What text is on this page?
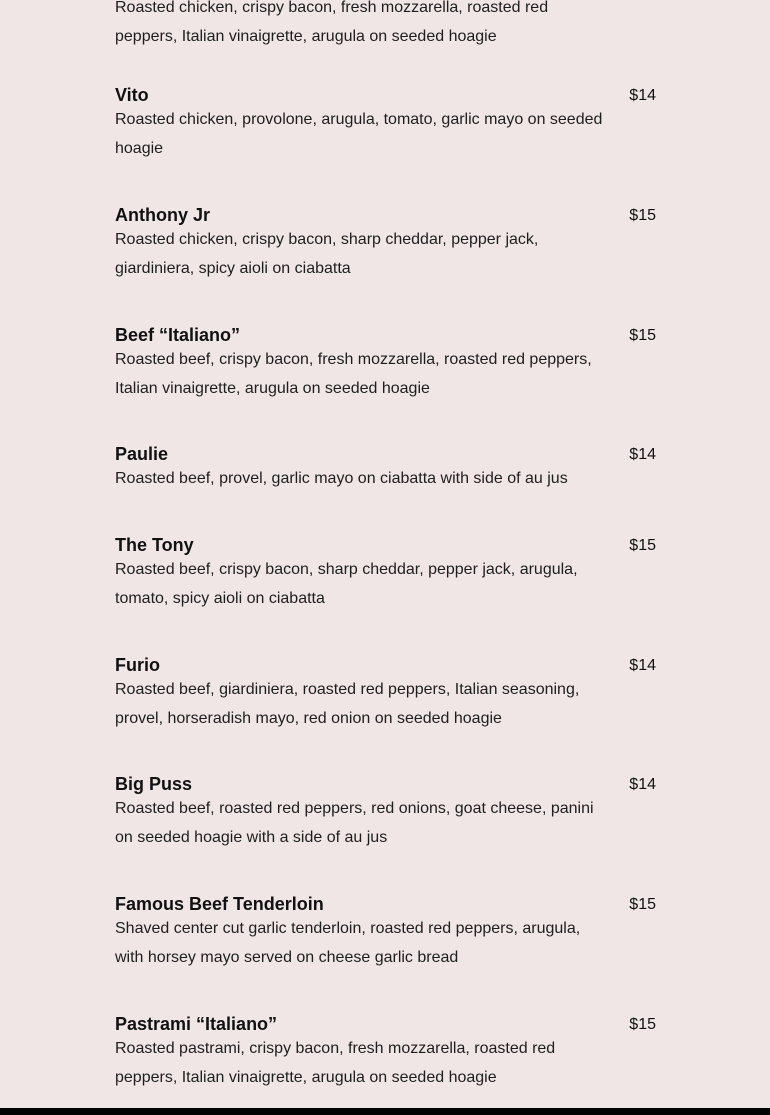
Roasted chicken, crispy bacon, fresh mozzarella, roasted red peppers, Italian vinaigrette, arugula on seeded hoagie
Vito	$14
Roasted chicken, provolone, arugula, tomato, garlic mayo on seeded hoagie
Anthony Jr	$15
Roasted chicken, crispy bacon, sharp cheddar, pepper jack, giardiniera, spicy aioli on ciabatta
Beef “Italiano”	$15
Roasted beef, crispy bacon, fresh mozzarella, roasted red peppers, Italian vinaigrette, arugula on seeded hoagie
Paulie	$14
Roasted beef, provel, garlic mayo on ciabatta with side of au jus
The Tony	$15
Roasted beef, crispy bacon, sharp cheddar, pepper jack, arugula, tomato, spicy aioli on ciabatta
Furio	$14
Roasted beef, giardiniera, roasted red peppers, Italian seasoning, provel, horseradish mayo, red onion on seeded hoagie
Big Puss	$14
Roasted beef, roasted red peppers, red onions, goat cheese, panini on seeded hoagie with a side of au jus
Famous Beef Tenderloin	$15
Shaved center cut garlic tenderloin, roasted red peppers, arugula, with horsey mayo served on cheese garlic bread
Pastrami “Italiano”	$15
Roasted pastrami, crispy bacon, fresh mozzarella, roasted red peppers, Italian vinaigrette, arugula on seeded hoagie
